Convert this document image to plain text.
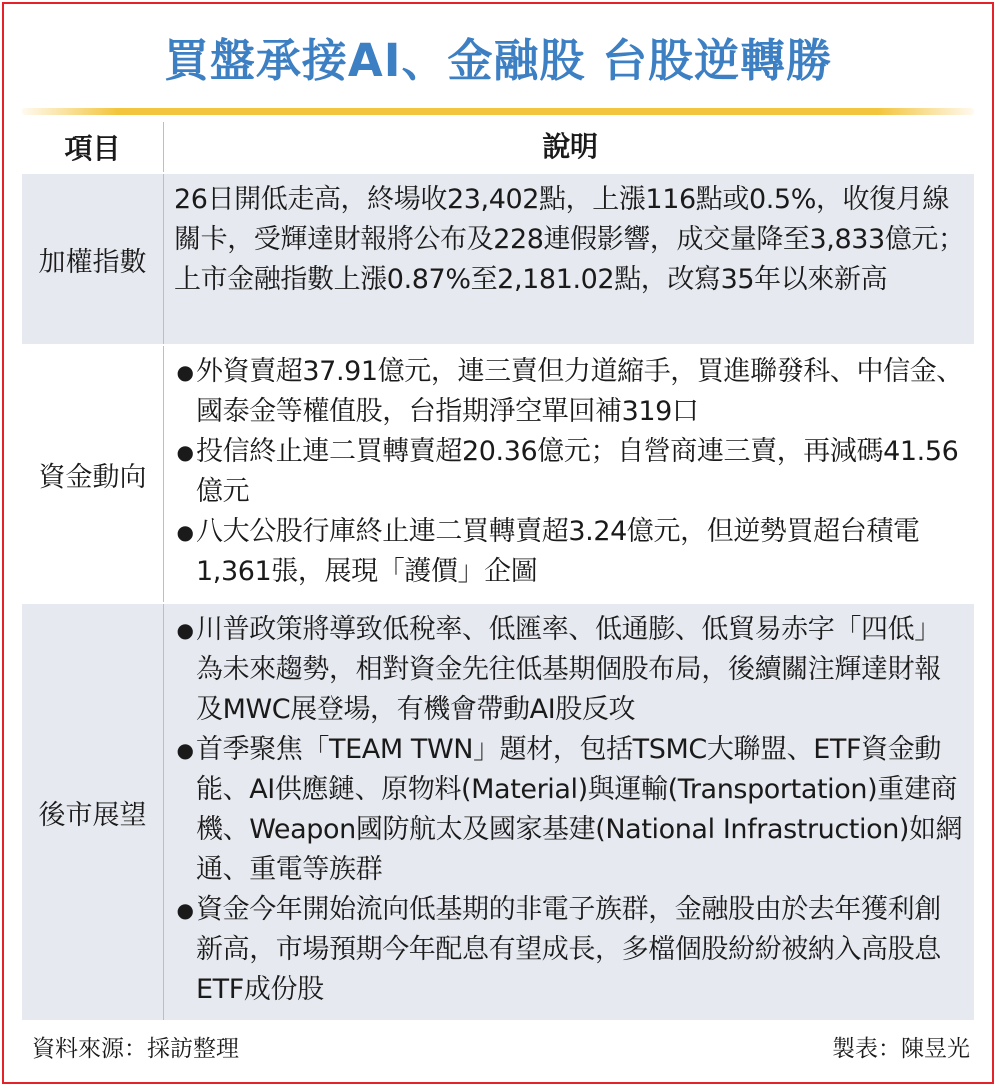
買盤承接AI、金融股 台股逆轉勝
項目	說明
加權指數
26日開低走高，終場收23,402點，上漲116點或0.5%，收復月線關卡，受輝達財報將公布及228連假影響，成交量降至3,833億元；上市金融指數上漲0.87%至2,181.02點，改寫35年以來新高
資金動向
● 外資賣超37.91億元，連三賣但力道縮手，買進聯發科、中信金、國泰金等權值股，台指期淨空單回補319口
● 投信終止連二買轉賣超20.36億元；自營商連三賣，再減碼41.56億元
● 八大公股行庫終止連二買轉賣超3.24億元，但逆勢買超台積電1,361張，展現「護價」企圖
後市展望
● 川普政策將導致低稅率、低匯率、低通膨、低貿易赤字「四低」為未來趨勢，相對資金先往低基期個股布局，後續關注輝達財報及MWC展登場，有機會帶動AI股反攻
● 首季聚焦「TEAM TWN」題材，包括TSMC大聯盟、ETF資金動能、AI供應鏈、原物料(Material)與運輸(Transportation)重建商機、Weapon國防航太及國家基建(National Infrastruction)如網通、重電等族群
● 資金今年開始流向低基期的非電子族群，金融股由於去年獲利創新高，市場預期今年配息有望成長，多檔個股紛紛被納入高股息ETF成份股
資料來源：採訪整理	製表：陳昱光
